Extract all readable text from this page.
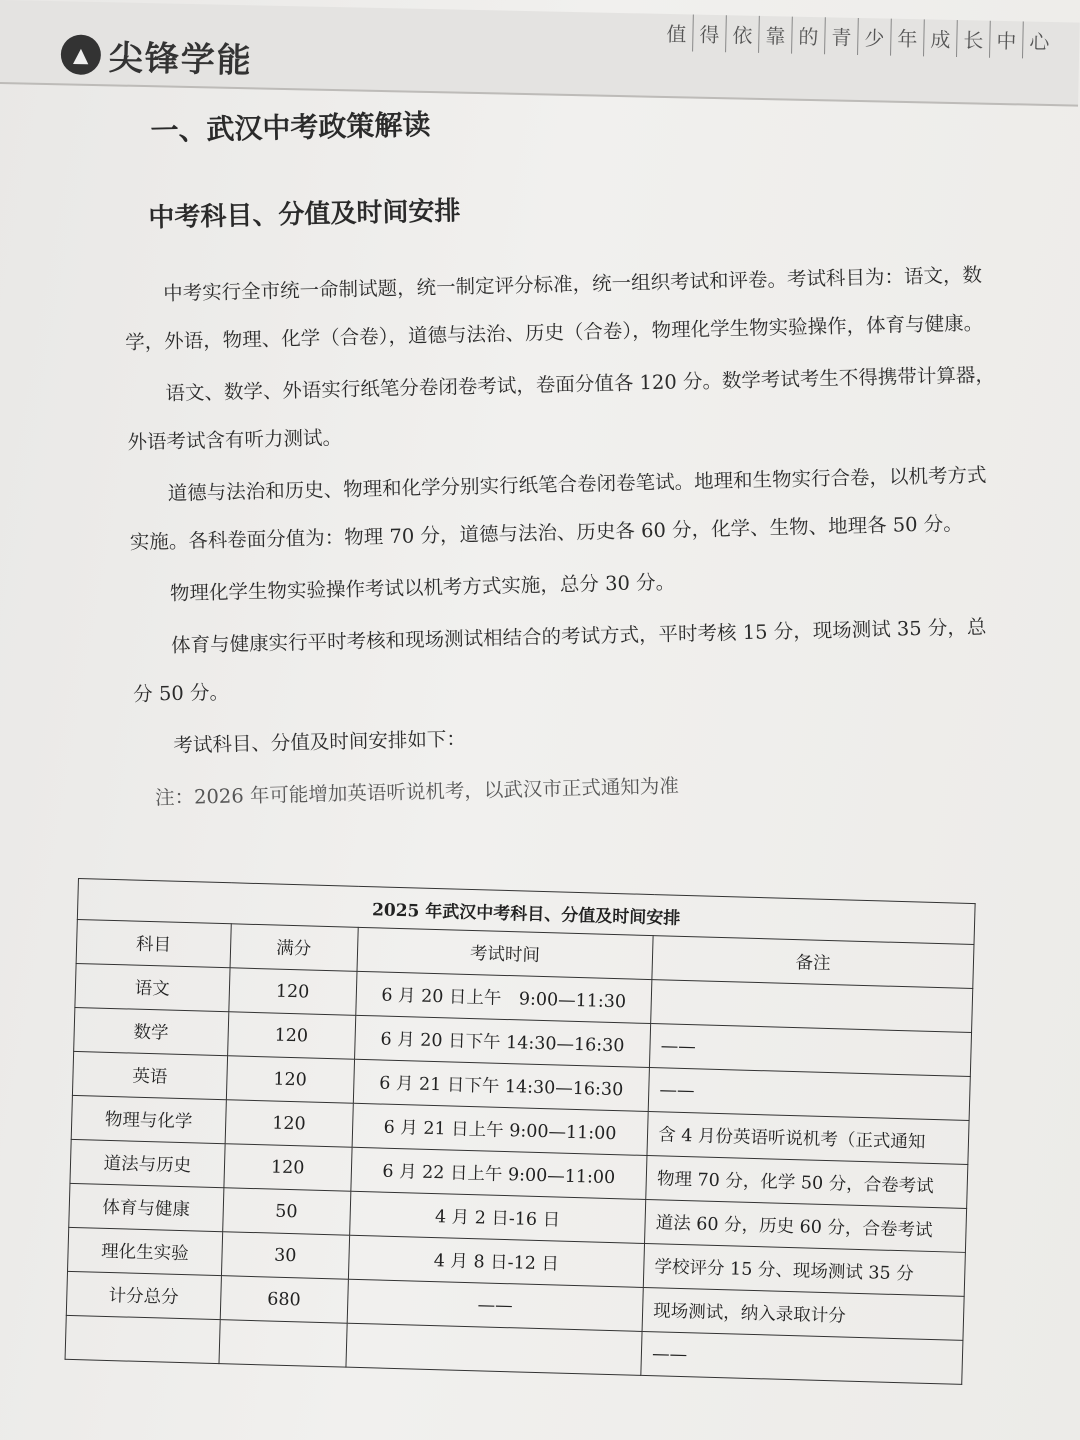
▲ 尖锋学能
值 得 依 靠 的 青 少 年 成 长 中 心
一、武汉中考政策解读
中考科目、分值及时间安排

中考实行全市统一命制试题，统一制定评分标准，统一组织考试和评卷。考试科目为：语文，数学，外语，物理、化学（合卷），道德与法治、历史（合卷），物理化学生物实验操作，体育与健康。

语文、数学、外语实行纸笔分卷闭卷考试，卷面分值各 120 分。数学考试考生不得携带计算器，外语考试含有听力测试。

道德与法治和历史、物理和化学分别实行纸笔合卷闭卷笔试。地理和生物实行合卷，以机考方式实施。各科卷面分值为：物理 70 分，道德与法治、历史各 60 分，化学、生物、地理各 50 分。

物理化学生物实验操作考试以机考方式实施，总分 30 分。

体育与健康实行平时考核和现场测试相结合的考试方式，平时考核 15 分，现场测试 35 分，总分 50 分。

考试科目、分值及时间安排如下：

注：2026 年可能增加英语听说机考，以武汉市正式通知为准

2025 年武汉中考科目、分值及时间安排			
科目	满分	考试时间	备注
语文	120	6 月 20 日上午　9:00—11:30	
数学	120	6 月 20 日下午 14:30—16:30	——
英语	120	6 月 21 日下午 14:30—16:30	——
物理与化学	120	6 月 21 日上午 9:00—11:00	含 4 月份英语听说机考（正式通知
道法与历史	120	6 月 22 日上午 9:00—11:00	物理 70 分，化学 50 分，合卷考试
体育与健康	50	4 月 2 日-16 日	道法 60 分，历史 60 分，合卷考试
理化生实验	30	4 月 8 日-12 日	学校评分 15 分、现场测试 35 分
计分总分	680	——	现场测试，纳入录取计分
			——
